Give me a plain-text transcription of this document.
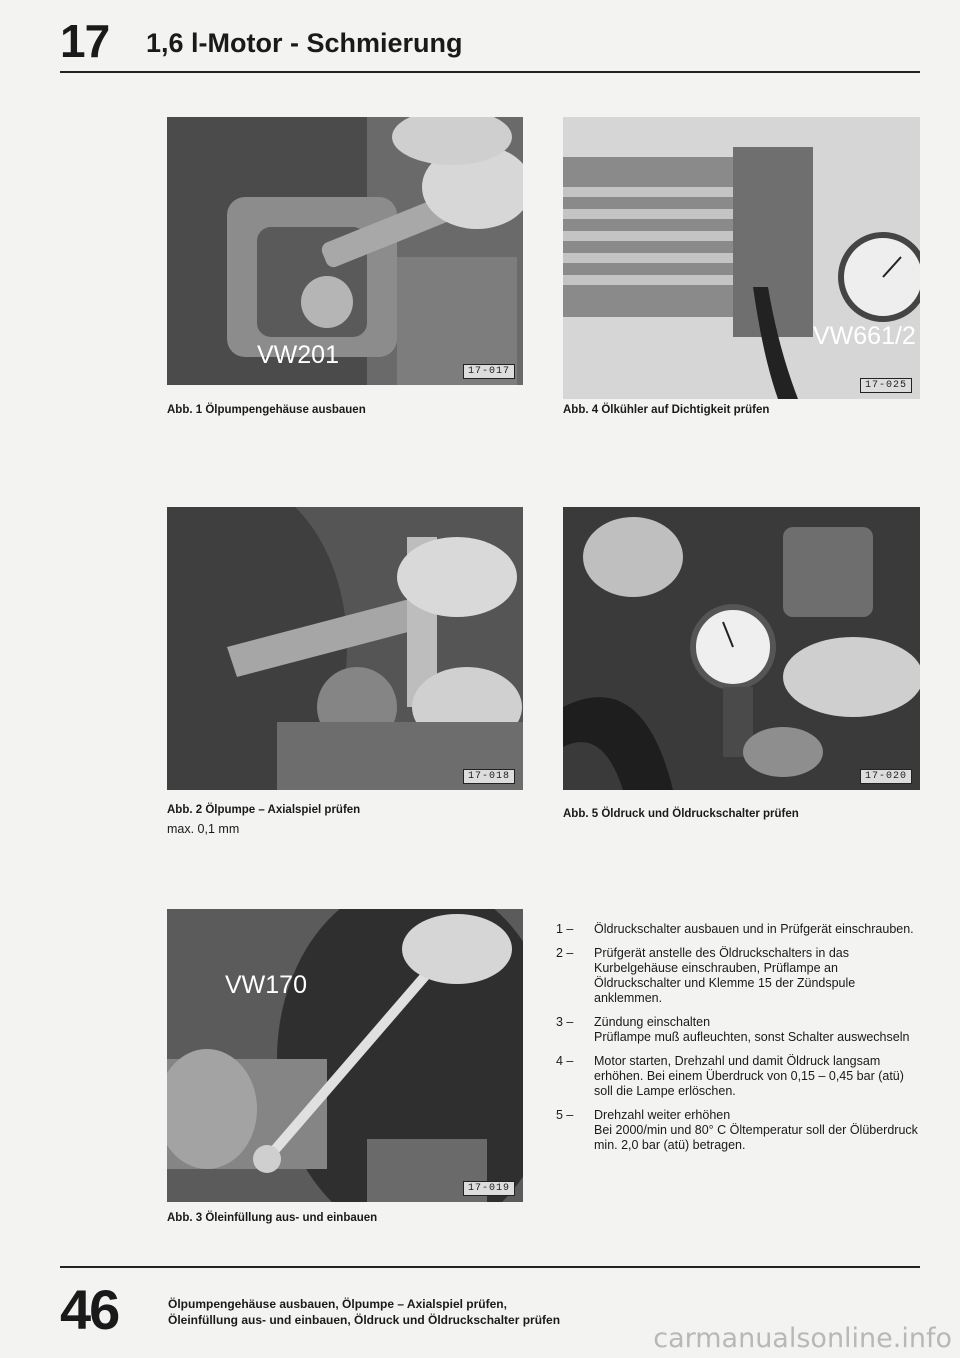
17 1,6 l-Motor - Schmierung
VW201
17-017
Abb. 1 Ölpumpengehäuse ausbauen
VW661/2
17-025
Abb. 4 Ölkühler auf Dichtigkeit prüfen
17-018
Abb. 2 Ölpumpe – Axialspiel prüfen
max. 0,1 mm
17-020
Abb. 5 Öldruck und Öldruckschalter prüfen
VW170
17-019
Abb. 3 Öleinfüllung aus- und einbauen
1 –	Öldruckschalter ausbauen und in Prüfgerät einschrauben.
2 –	Prüfgerät anstelle des Öldruckschalters in das Kurbelgehäuse einschrauben, Prüflampe an Öldruckschalter und Klemme 15 der Zündspule anklemmen.
3 –	Zündung einschalten
Prüflampe muß aufleuchten, sonst Schalter auswechseln
4 –	Motor starten, Drehzahl und damit Öldruck langsam erhöhen. Bei einem Überdruck von 0,15 – 0,45 bar (atü) soll die Lampe erlöschen.
5 –	Drehzahl weiter erhöhen
Bei 2000/min und 80° C Öltemperatur soll der Ölüberdruck min. 2,0 bar (atü) betragen.
46	Ölpumpengehäuse ausbauen, Ölpumpe – Axialspiel prüfen,
Öleinfüllung aus- und einbauen, Öldruck und Öldruckschalter prüfen
carmanualsonline.info
